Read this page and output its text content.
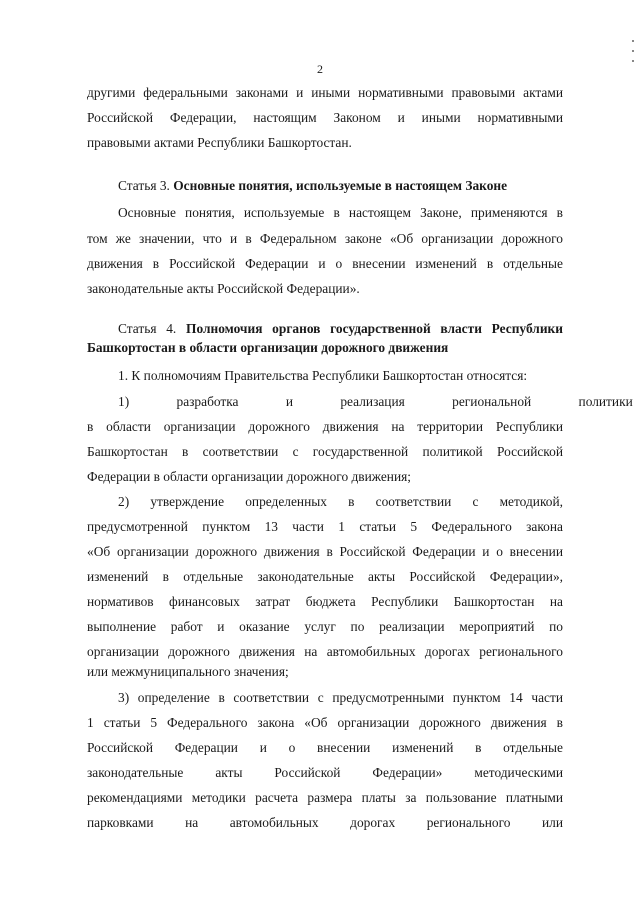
2
другими федеральными законами и иными нормативными правовыми актами
Российской Федерации, настоящим Законом и иными нормативными
правовыми актами Республики Башкортостан.
Статья 3. Основные понятия, используемые в настоящем Законе
Основные понятия, используемые в настоящем Законе, применяются в
том же значении, что и в Федеральном законе «Об организации дорожного
движения в Российской Федерации и о внесении изменений в отдельные
законодательные акты Российской Федерации».
Статья 4. Полномочия органов государственной власти Республики
Башкортостан в области организации дорожного движения
1. К полномочиям Правительства Республики Башкортостан относятся:
1) разработка и реализация региональной политики
в области организации дорожного движения на территории Республики
Башкортостан в соответствии с государственной политикой Российской
Федерации в области организации дорожного движения;
2) утверждение определенных в соответствии с методикой,
предусмотренной пунктом 13 части 1 статьи 5 Федерального закона
«Об организации дорожного движения в Российской Федерации и о внесении
изменений в отдельные законодательные акты Российской Федерации»,
нормативов финансовых затрат бюджета Республики Башкортостан на
выполнение работ и оказание услуг по реализации мероприятий по
организации дорожного движения на автомобильных дорогах регионального
или межмуниципального значения;
3) определение в соответствии с предусмотренными пунктом 14 части
1 статьи 5 Федерального закона «Об организации дорожного движения в
Российской Федерации и о внесении изменений в отдельные
законодательные акты Российской Федерации» методическими
рекомендациями методики расчета размера платы за пользование платными
парковками на автомобильных дорогах регионального или
